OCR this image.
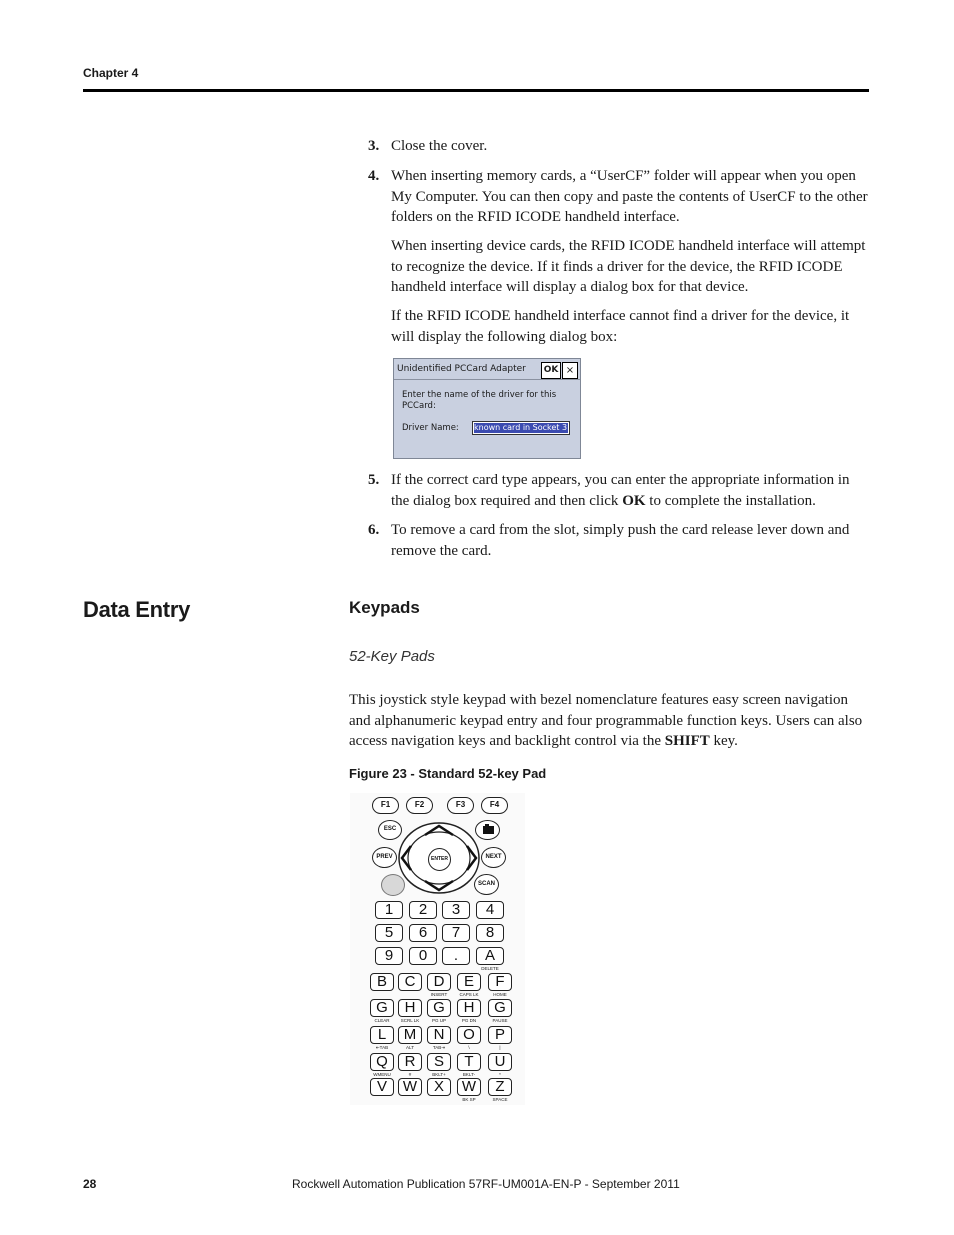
Chapter 4
3. Close the cover.
4. When inserting memory cards, a “UserCF” folder will appear when you open My Computer. You can then copy and paste the contents of UserCF to the other folders on the RFID ICODE handheld interface.
When inserting device cards, the RFID ICODE handheld interface will attempt to recognize the device. If it finds a driver for the device, the RFID ICODE handheld interface will display a dialog box for that device.
If the RFID ICODE handheld interface cannot find a driver for the device, it will display the following dialog box:
Unidentified PCCard Adapter	OK ×
Enter the name of the driver for this PCCard:
Driver Name: known card in Socket 3
5. If the correct card type appears, you can enter the appropriate information in the dialog box required and then click OK to complete the installation.
6. To remove a card from the slot, simply push the card release lever down and remove the card.
Data Entry	Keypads
52-Key Pads
This joystick style keypad with bezel nomenclature features easy screen navigation and alphanumeric keypad entry and four programmable function keys. Users can also access navigation keys and backlight control via the SHIFT key.
Figure 23 - Standard 52-key Pad
F1	F2	F3	F4
ESC
ENTER
PREV	NEXT
SCAN
1	2	3	4
5	6	7	8
9	0	.	A
DELETE
B	C	D
INSERT
E
CAPS LK
F
HOME
G
CLEAR
H
SCRL LK
G
PG UP
H
PG DN
G
PAUSE
L
⇤TAB
M
ALT
N
TAB⇥
O
\
P
|
Q
WMENU
R
#
S
BKLT+
T
BKLT-
U
*
V	W	X	W
BK SP
Z
SPACE
28	Rockwell Automation Publication 57RF-UM001A-EN-P - September 2011
